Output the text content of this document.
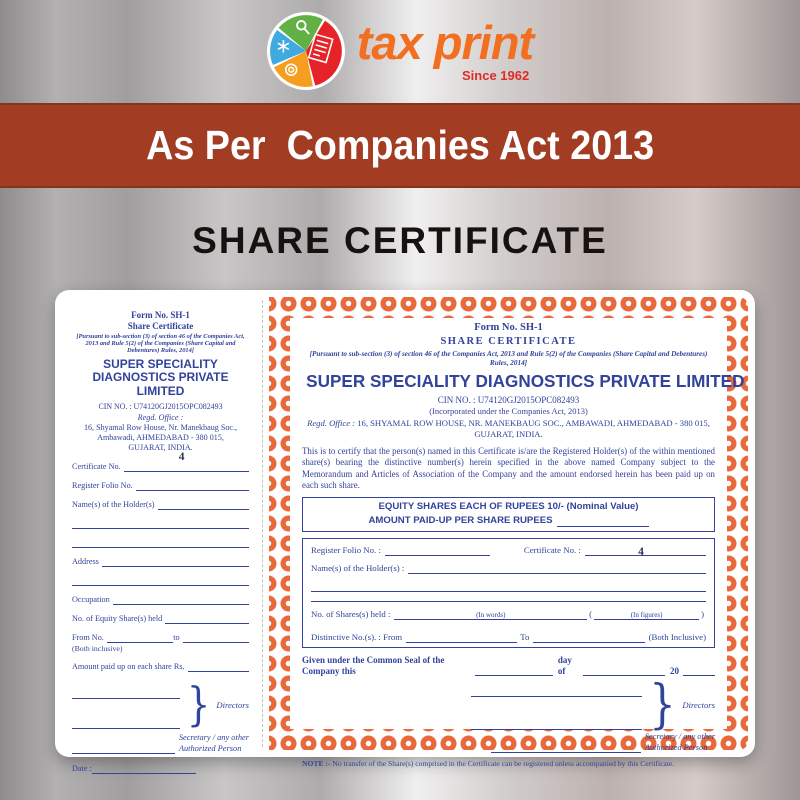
tax print
Since 1962
As Per  Companies Act 2013
SHARE CERTIFICATE
Form No. SH-1
Share Certificate
[Pursuant to sub-section (3) of section 46 of the Companies Act, 2013 and Rule 5(2) of the Companies (Share Capital and Debentures) Rules, 2014]
SUPER SPECIALITY DIAGNOSTICS PRIVATE LIMITED
CIN NO. : U74120GJ2015OPC082493
Regd. Office :
16, Shyamal Row House, Nr. Manekbaug Soc.,
Ambawadi, AHMEDABAD - 380 015,
GUJARAT, INDIA.
Certificate No.
4
Register Folio No.
Name(s) of the Holder(s)
Address
Occupation
No. of Equity Share(s) held
From No.	to
(Both inclusive)
Amount paid up on each share Rs.
} Directors
Secretary / any other
Authorized Person
Date :
Form No. SH-1
SHARE CERTIFICATE
[Pursuant to sub-section (3) of section 46 of the Companies Act, 2013 and Rule 5(2) of the Companies (Share Capital and Debentures) Rules, 2014]
SUPER SPECIALITY DIAGNOSTICS PRIVATE LIMITED
CIN NO. : U74120GJ2015OPC082493
(Incorporated under the Companies Act, 2013)
Regd. Office : 16, SHYAMAL ROW HOUSE, NR. MANEKBAUG SOC., AMBAWADI, AHMEDABAD - 380 015, GUJARAT, INDIA.
This is to certify that the person(s) named in this Certificate is/are the Registered Holder(s) of the within mentioned share(s) bearing the distinctive number(s) herein specified in the above named Company subject to the Memorandum and Articles of Association of the Company and the amount endorsed herein has been paid up on each such share.
EQUITY SHARES EACH OF RUPEES 10/- (Nominal Value)
AMOUNT PAID-UP PER SHARE RUPEES
Register Folio No. :	Certificate No. :	4
Name(s) of the Holder(s) :
No. of Shares(s) held :	(In words)	(	(In figures)	)
Distinctive No.(s). : From	To	(Both Inclusive)
Given under the Common Seal of the Company this
day of	20
} Directors
Secretary / any other
Authorized Person
NOTE :- No transfer of the Share(s) comprised in the Certificate can be registered unless accompanied by this Certificate.
